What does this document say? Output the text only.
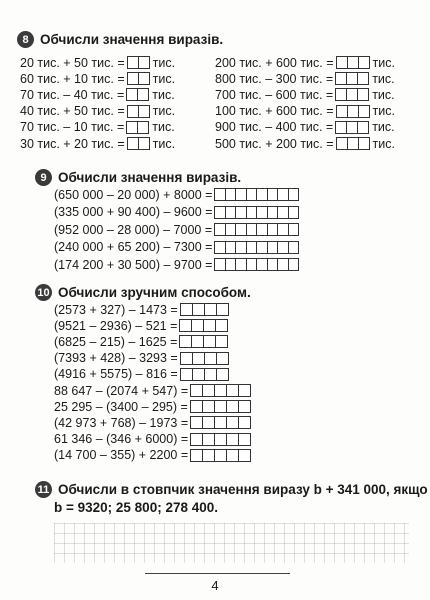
8 Обчисли значення виразів.
20 тис. + 50 тис. = тис.
60 тис. + 10 тис. = тис.
70 тис. – 40 тис. = тис.
40 тис. + 50 тис. = тис.
70 тис. – 10 тис. = тис.
30 тис. + 20 тис. = тис.
200 тис. + 600 тис. =	тис.
800 тис. – 300 тис. =	тис.
700 тис. – 600 тис. =	тис.
100 тис. + 600 тис. =	тис.
900 тис. – 400 тис. =	тис.
500 тис. + 200 тис. =	тис.
9 Обчисли значення виразів.
(650 000 – 20 000) + 8000 =
(335 000 + 90 400) – 9600 =
(952 000 – 28 000) – 7000 =
(240 000 + 65 200) – 7300 =
(174 200 + 30 500) – 9700 =
10 Обчисли зручним способом.
(2573 + 327) – 1473 =
(9521 – 2936) – 521 =
(6825 – 215) – 1625 =
(7393 + 428) – 3293 =
(4916 + 5575) – 816 =
88 647 – (2074 + 547) =
25 295 – (3400 – 295) =
(42 973 + 768) – 1973 =
61 346 – (346 + 6000) =
(14 700 – 355) + 2200 =
11 Обчисли в стовпчик значення виразу b + 341 000, якщо
b = 9320; 25 800; 278 400.
4
